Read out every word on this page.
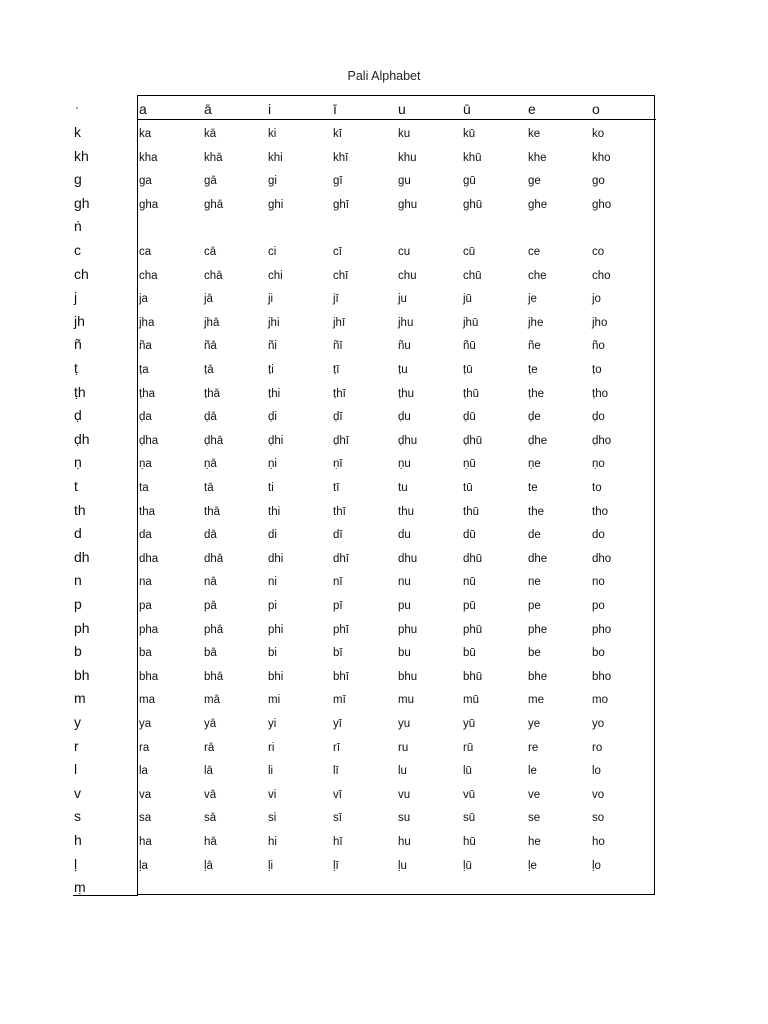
Pali Alphabet
·	a	ā	i	ī	u	ū	e	o
k	ka	kā	ki	kī	ku	kū	ke	ko
kh	kha	khā	khi	khī	khu	khū	khe	kho
g	ga	gā	gi	gī	gu	gū	ge	go
gh	gha	ghā	ghi	ghī	ghu	ghū	ghe	gho
ṅ
c	ca	cā	ci	cī	cu	cū	ce	co
ch	cha	chā	chi	chī	chu	chū	che	cho
j	ja	jā	ji	jī	ju	jū	je	jo
jh	jha	jhā	jhi	jhī	jhu	jhū	jhe	jho
ñ	ña	ñā	ñi	ñī	ñu	ñū	ñe	ño
ṭ	ṭa	ṭā	ṭi	ṭī	ṭu	ṭū	ṭe	ṭo
ṭh	ṭha	ṭhā	ṭhi	ṭhī	ṭhu	ṭhū	ṭhe	ṭho
ḍ	ḍa	ḍā	ḍi	ḍī	ḍu	ḍū	ḍe	ḍo
ḍh	ḍha	ḍhā	ḍhi	ḍhī	ḍhu	ḍhū	ḍhe	ḍho
ṇ	ṇa	ṇā	ṇi	ṇī	ṇu	ṇū	ṇe	ṇo
t	ta	tā	ti	tī	tu	tū	te	to
th	tha	thā	thi	thī	thu	thū	the	tho
d	da	dā	di	dī	du	dū	de	do
dh	dha	dhā	dhi	dhī	dhu	dhū	dhe	dho
n	na	nā	ni	nī	nu	nū	ne	no
p	pa	pā	pi	pī	pu	pū	pe	po
ph	pha	phā	phi	phī	phu	phū	phe	pho
b	ba	bā	bi	bī	bu	bū	be	bo
bh	bha	bhā	bhi	bhī	bhu	bhū	bhe	bho
m	ma	mā	mi	mī	mu	mū	me	mo
y	ya	yā	yi	yī	yu	yū	ye	yo
r	ra	rā	ri	rī	ru	rū	re	ro
l	la	lā	li	lī	lu	lū	le	lo
v	va	vā	vi	vī	vu	vū	ve	vo
s	sa	sā	si	sī	su	sū	se	so
h	ha	hā	hi	hī	hu	hū	he	ho
ḷ	ḷa	ḷā	ḷi	ḷī	ḷu	ḷū	ḷe	ḷo
ṃ
